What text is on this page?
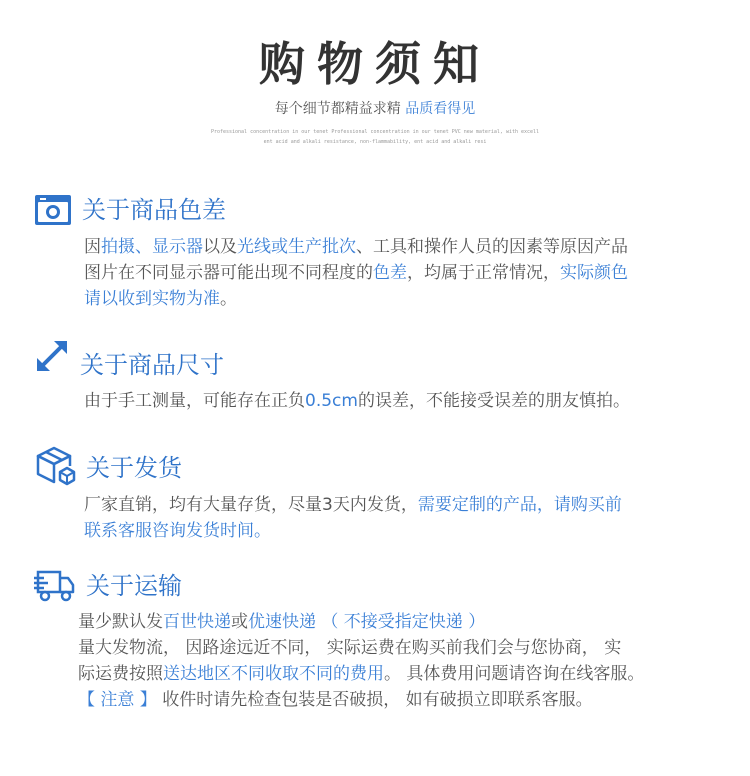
购物须知
每个细节都精益求精 品质看得见
Professional concentration in our tenet Professional concentration in our tenet PVC new material, with excell
ent acid and alkali resistance, non-flammability, ent acid and alkali resi
关于商品色差
因拍摄、显示器以及光线或生产批次、工具和操作人员的因素等原因产品
图片在不同显示器可能出现不同程度的色差，均属于正常情况，实际颜色
请以收到实物为准。
关于商品尺寸
由于手工测量，可能存在正负0.5cm的误差，不能接受误差的朋友慎拍。
关于发货
厂家直销，均有大量存货，尽量3天内发货，需要定制的产品，请购买前
联系客服咨询发货时间。
关于运输
量少默认发百世快递或优速快递 （ 不接受指定快递 ）
量大发物流， 因路途远近不同， 实际运费在购买前我们会与您协商， 实
际运费按照送达地区不同收取不同的费用。 具体费用问题请咨询在线客服。
【 注意 】 收件时请先检查包装是否破损， 如有破损立即联系客服。
